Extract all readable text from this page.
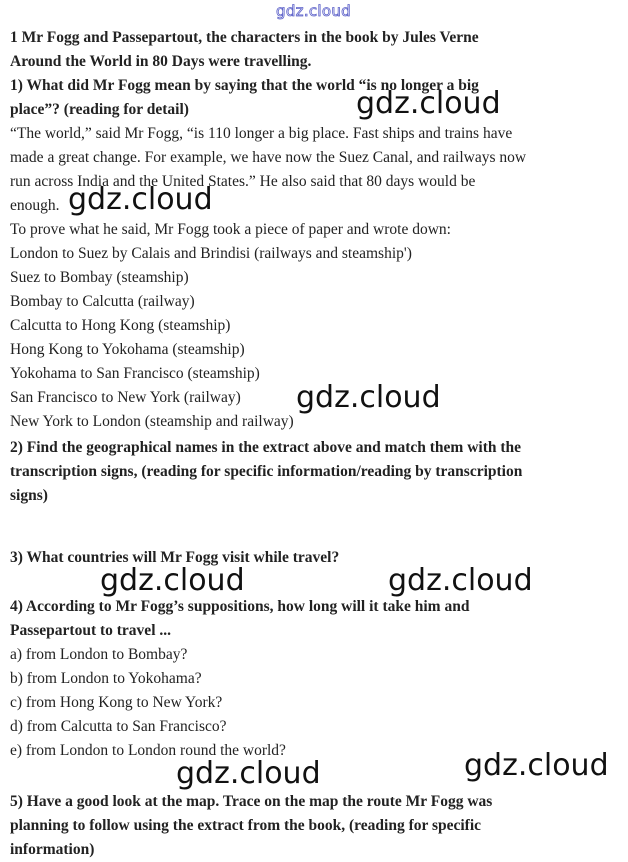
gdz.cloud
1 Mr Fogg and Passepartout, the characters in the book by Jules Verne
Around the World in 80 Days were travelling.
1) What did Mr Fogg mean by saying that the world “is no longer a big
place”? (reading for detail)
“The world,” said Mr Fogg, “is 110 longer a big place. Fast ships and trains have
made a great change. For example, we have now the Suez Canal, and railways now
run across India and the United States.” He also said that 80 days would be
enough.
To prove what he said, Mr Fogg took a piece of paper and wrote down:
London to Suez by Calais and Brindisi (railways and steamship')
Suez to Bombay (steamship)
Bombay to Calcutta (railway)
Calcutta to Hong Kong (steamship)
Hong Kong to Yokohama (steamship)
Yokohama to San Francisco (steamship)
San Francisco to New York (railway)
New York to London (steamship and railway)
2) Find the geographical names in the extract above and match them with the
transcription signs, (reading for specific information/reading by transcription
signs)
3) What countries will Mr Fogg visit while travel?
4) According to Mr Fogg’s suppositions, how long will it take him and
Passepartout to travel ...
a) from London to Bombay?
b) from London to Yokohama?
c) from Hong Kong to New York?
d) from Calcutta to San Francisco?
e) from London to London round the world?
5) Have a good look at the map. Trace on the map the route Mr Fogg was
planning to follow using the extract from the book, (reading for specific
information)
gdz.cloud
gdz.cloud
gdz.cloud
gdz.cloud	gdz.cloud
gdz.cloud	gdz.cloud
